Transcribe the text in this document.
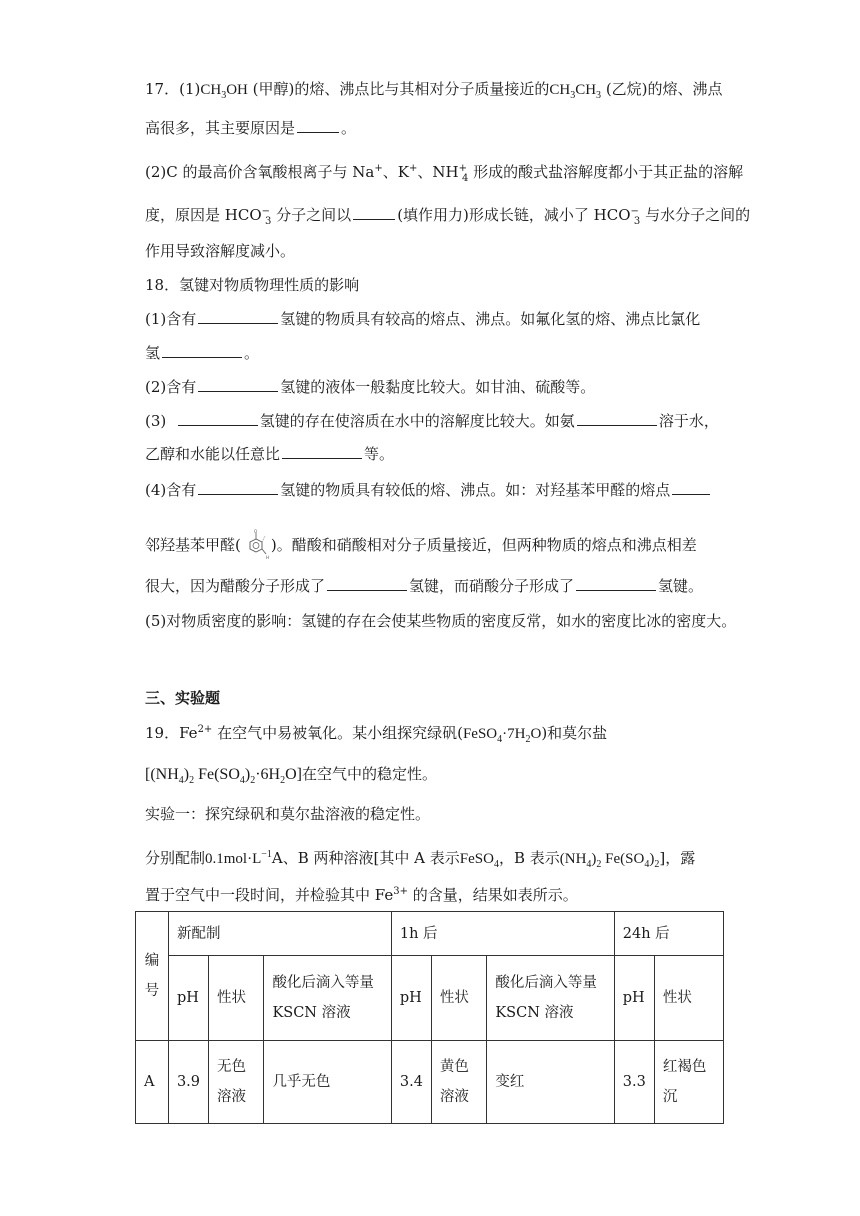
17．$(1)CH_3OH$ (甲醇)的熔、沸点比与其相对分子质量接近的$CH_3CH_3$ (乙烷)的熔、沸点
高很多，其主要原因是	。
(2)C 的最高价含氧酸根离子与 Na+、K+、$NH^+_4$ 形成的酸式盐溶解度都小于其正盐的溶解
度，原因是 $HCO^-_3$ 分子之间以	(填作用力)形成长链，减小了 $HCO^-_3$ 与水分子之间的
作用导致溶解度减小。
18．氢键对物质物理性质的影响
(1)含有	氢键的物质具有较高的熔点、沸点。如氟化氢的熔、沸点比氯化
氢	。
(2)含有	氢键的液体一般黏度比较大。如甘油、硫酸等。
(3)	氢键的存在使溶质在水中的溶解度比较大。如氨	溶于水，
乙醇和水能以任意比	等。
(4)含有	氢键的物质具有较低的熔、沸点。如：对羟基苯甲醛的熔点
邻羟基苯甲醛(
O
H
)。醋酸和硝酸相对分子质量接近，但两种物质的熔点和沸点相差
很大，因为醋酸分子形成了	氢键，而硝酸分子形成了	氢键。
(5)对物质密度的影响：氢键的存在会使某些物质的密度反常，如水的密度比冰的密度大。
三、实验题
19．$Fe^{2+}$ 在空气中易被氧化。某小组探究绿矾$(FeSO_4\cdot 7H_2O)$和莫尔盐
[$(NH_4)_2$ $Fe(SO_4)_2\cdot 6H_2O$]在空气中的稳定性。
实验一：探究绿矾和莫尔盐溶液的稳定性。
分别配制$0.1mol\cdot L^{-1}A$、B 两种溶液[其中 A 表示FeSO$_4$，B 表示$(NH_4)_2$ $Fe(SO_4)_2$]，露
置于空气中一段时间，并检验其中 $Fe^{3+}$ 的含量，结果如表所示。
编号	新配制			1h 后			24h 后	
	pH	性状	酸化后滴入等量 KSCN 溶液	pH	性状	酸化后滴入等量 KSCN 溶液	pH	性状
A	3.9	无色溶液	几乎无色	3.4	黄色溶液	变红	3.3	红褐色沉
